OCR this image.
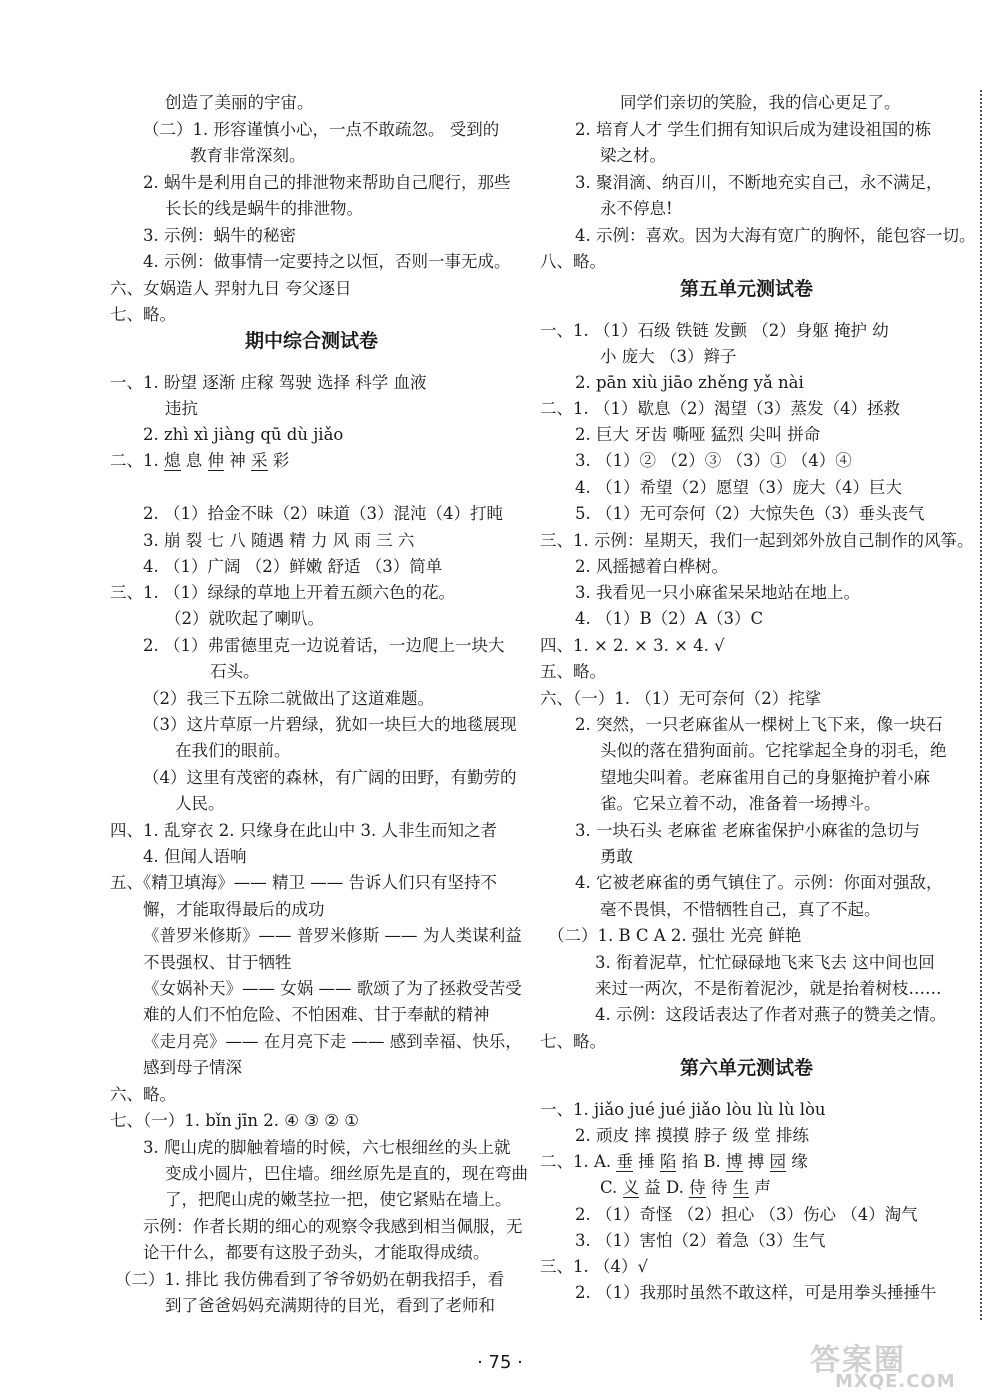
· 75 ·	答案圈
MXQE.COM
创造了美丽的宇宙。
（二）1. 形容谨慎小心，一点不敢疏忽。 受到的
教育非常深刻。
2. 蜗牛是利用自己的排泄物来帮助自己爬行，那些
长长的线是蜗牛的排泄物。
3. 示例：蜗牛的秘密
4. 示例：做事情一定要持之以恒，否则一事无成。
六、女娲造人 羿射九日 夸父逐日
七、略。
一、1. 盼望 逐渐 庄稼 驾驶 选择 科学 血液
违抗
2. zhì xì jiàng qū dù jiǎo
2. （1）拾金不昧（2）味道（3）混沌（4）打盹
3. 崩 裂 七 八 随遇 精 力 风 雨 三 六
4. （1）广阔 （2）鲜嫩 舒适 （3）简单
三、1. （1）绿绿的草地上开着五颜六色的花。
（2）就吹起了喇叭。
2. （1）弗雷德里克一边说着话，一边爬上一块大
石头。
（2）我三下五除二就做出了这道难题。
（3）这片草原一片碧绿，犹如一块巨大的地毯展现
在我们的眼前。
（4）这里有茂密的森林，有广阔的田野，有勤劳的
人民。
四、1. 乱穿衣 2. 只缘身在此山中 3. 人非生而知之者
4. 但闻人语响
五、《精卫填海》—— 精卫 —— 告诉人们只有坚持不
懈，才能取得最后的成功
《普罗米修斯》—— 普罗米修斯 —— 为人类谋利益
不畏强权、甘于牺牲
《女娲补天》—— 女娲 —— 歌颂了为了拯救受苦受
难的人们不怕危险、不怕困难、甘于奉献的精神
《走月亮》—— 在月亮下走 —— 感到幸福、快乐，
感到母子情深
六、略。
七、（一）1. bǐn jīn 2. ④ ③ ② ①
3. 爬山虎的脚触着墙的时候，六七根细丝的头上就
变成小圆片，巴住墙。细丝原先是直的，现在弯曲
了，把爬山虎的嫩茎拉一把，使它紧贴在墙上。
示例：作者长期的细心的观察令我感到相当佩服，无
论干什么，都要有这股子劲头，才能取得成绩。
（二）1. 排比 我仿佛看到了爷爷奶奶在朝我招手，看
到了爸爸妈妈充满期待的目光，看到了老师和
期中综合测试卷
同学们亲切的笑脸，我的信心更足了。
2. 培育人才 学生们拥有知识后成为建设祖国的栋
梁之材。
3. 聚涓滴、纳百川，不断地充实自己，永不满足，
永不停息!
4. 示例：喜欢。因为大海有宽广的胸怀，能包容一切。
八、略。
一、1. （1）石级 铁链 发颤 （2）身躯 掩护 幼
小 庞大 （3）辫子
2. pān xiù jiāo zhěng yǎ nài
二、1. （1）歇息（2）渴望（3）蒸发（4）拯救
2. 巨大 牙齿 嘶哑 猛烈 尖叫 拼命
3. （1）② （2）③ （3）① （4）④
4. （1）希望（2）愿望（3）庞大（4）巨大
5. （1）无可奈何（2）大惊失色（3）垂头丧气
三、1. 示例：星期天，我们一起到郊外放自己制作的风筝。
2. 风摇撼着白桦树。
3. 我看见一只小麻雀呆呆地站在地上。
4. （1）B（2）A（3）C
四、1. × 2. × 3. × 4. √
五、略。
六、（一）1. （1）无可奈何（2）挓挲
2. 突然，一只老麻雀从一棵树上飞下来，像一块石
头似的落在猎狗面前。它挓挲起全身的羽毛，绝
望地尖叫着。老麻雀用自己的身躯掩护着小麻
雀。它呆立着不动，准备着一场搏斗。
3. 一块石头 老麻雀 老麻雀保护小麻雀的急切与
勇敢
4. 它被老麻雀的勇气镇住了。示例：你面对强敌，
毫不畏惧，不惜牺牲自己，真了不起。
（二）1. B C A 2. 强壮 光亮 鲜艳
3. 衔着泥草，忙忙碌碌地飞来飞去 这中间也回
来过一两次，不是衔着泥沙，就是抬着树枝……
4. 示例：这段话表达了作者对燕子的赞美之情。
七、略。
一、1. jiǎo jué jué jiǎo lòu lù lù lòu
2. 顽皮 摔 摸摸 脖子 级 堂 排练
2. （1）奇怪 （2）担心 （3）伤心 （4）淘气
3. （1）害怕（2）着急（3）生气
三、1. （4）√
2. （1）我那时虽然不敢这样，可是用拳头捶捶牛
第五单元测试卷
第六单元测试卷
二、1. 熄 息 伸 神 采 彩
二、1. A. 垂 捶 陷 掐 B. 博 搏 园 缘
C. 义 益 D. 侍 待 生 声
